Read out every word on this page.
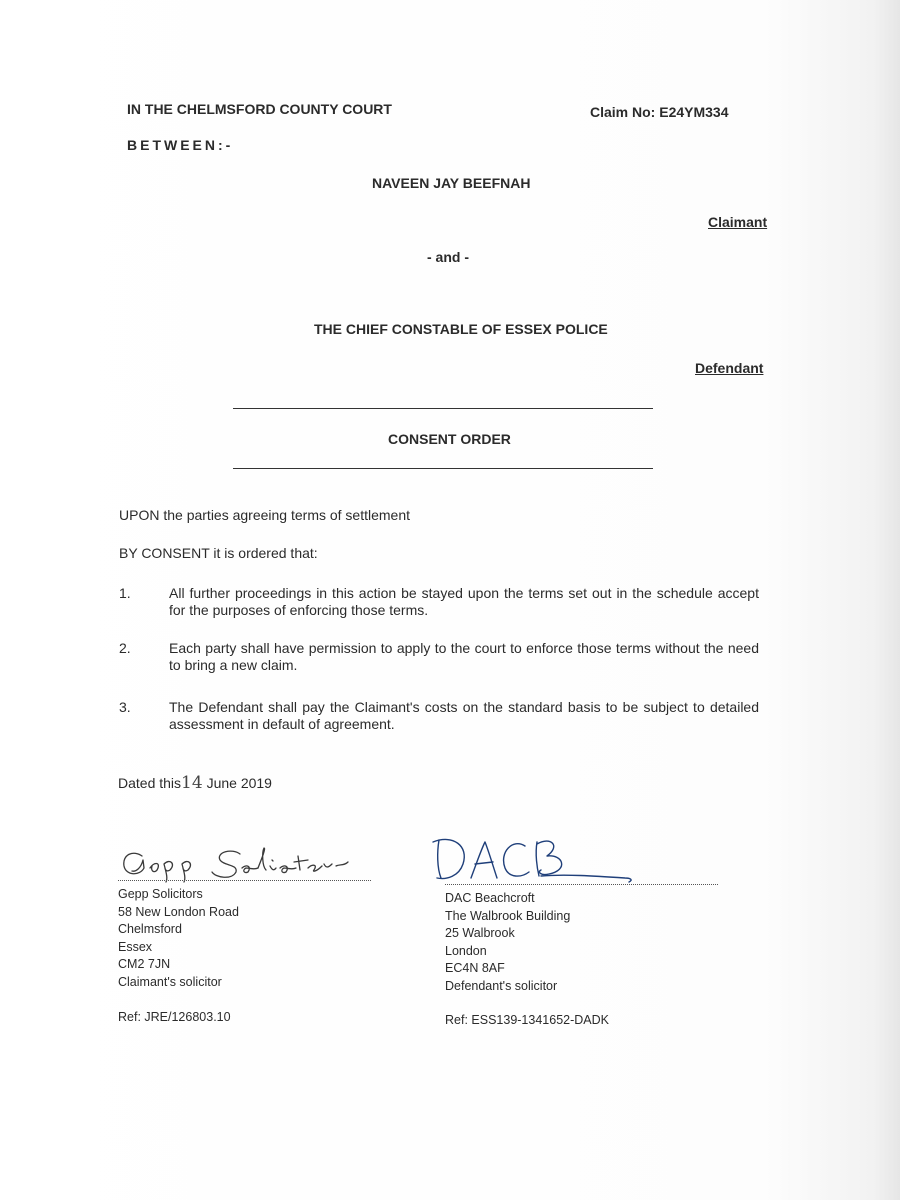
IN THE CHELMSFORD COUNTY COURT	Claim No: E24YM334
BETWEEN:-
NAVEEN JAY BEEFNAH
Claimant
- and -
THE CHIEF CONSTABLE OF ESSEX POLICE
Defendant
CONSENT ORDER
UPON the parties agreeing terms of settlement
BY CONSENT it is ordered that:
1.	All further proceedings in this action be stayed upon the terms set out in the schedule accept for the purposes of enforcing those terms.
2.	Each party shall have permission to apply to the court to enforce those terms without the need to bring a new claim.
3.	The Defendant shall pay the Claimant's costs on the standard basis to be subject to detailed assessment in default of agreement.
Dated this14 June 2019
Gepp Solicitors
58 New London Road
Chelmsford
Essex
CM2 7JN
Claimant's solicitor
DAC Beachcroft
The Walbrook Building
25 Walbrook
London
EC4N 8AF
Defendant's solicitor
Ref: JRE/126803.10	Ref: ESS139-1341652-DADK
